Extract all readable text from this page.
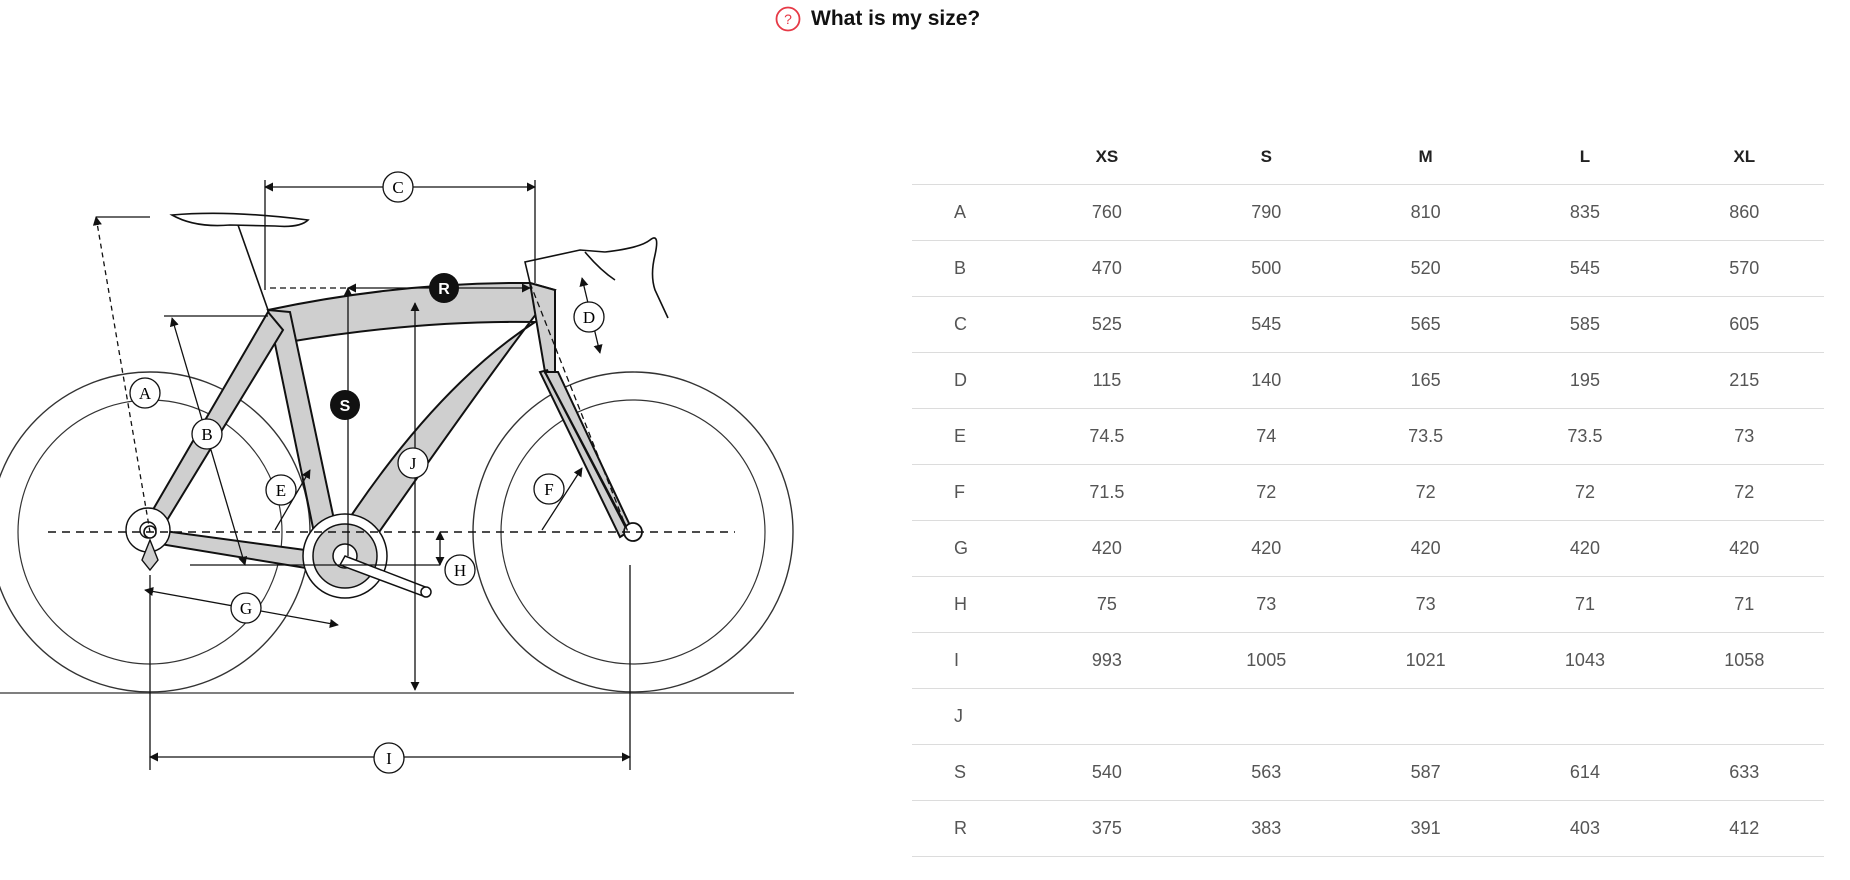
? What is my size?
A
B
C
D
E	F
G
H
I
J
R
S
	XS	S	M	L	XL
A	760	790	810	835	860
B	470	500	520	545	570
C	525	545	565	585	605
D	115	140	165	195	215
E	74.5	74	73.5	73.5	73
F	71.5	72	72	72	72
G	420	420	420	420	420
H	75	73	73	71	71
I	993	1005	1021	1043	1058
J					
S	540	563	587	614	633
R	375	383	391	403	412
